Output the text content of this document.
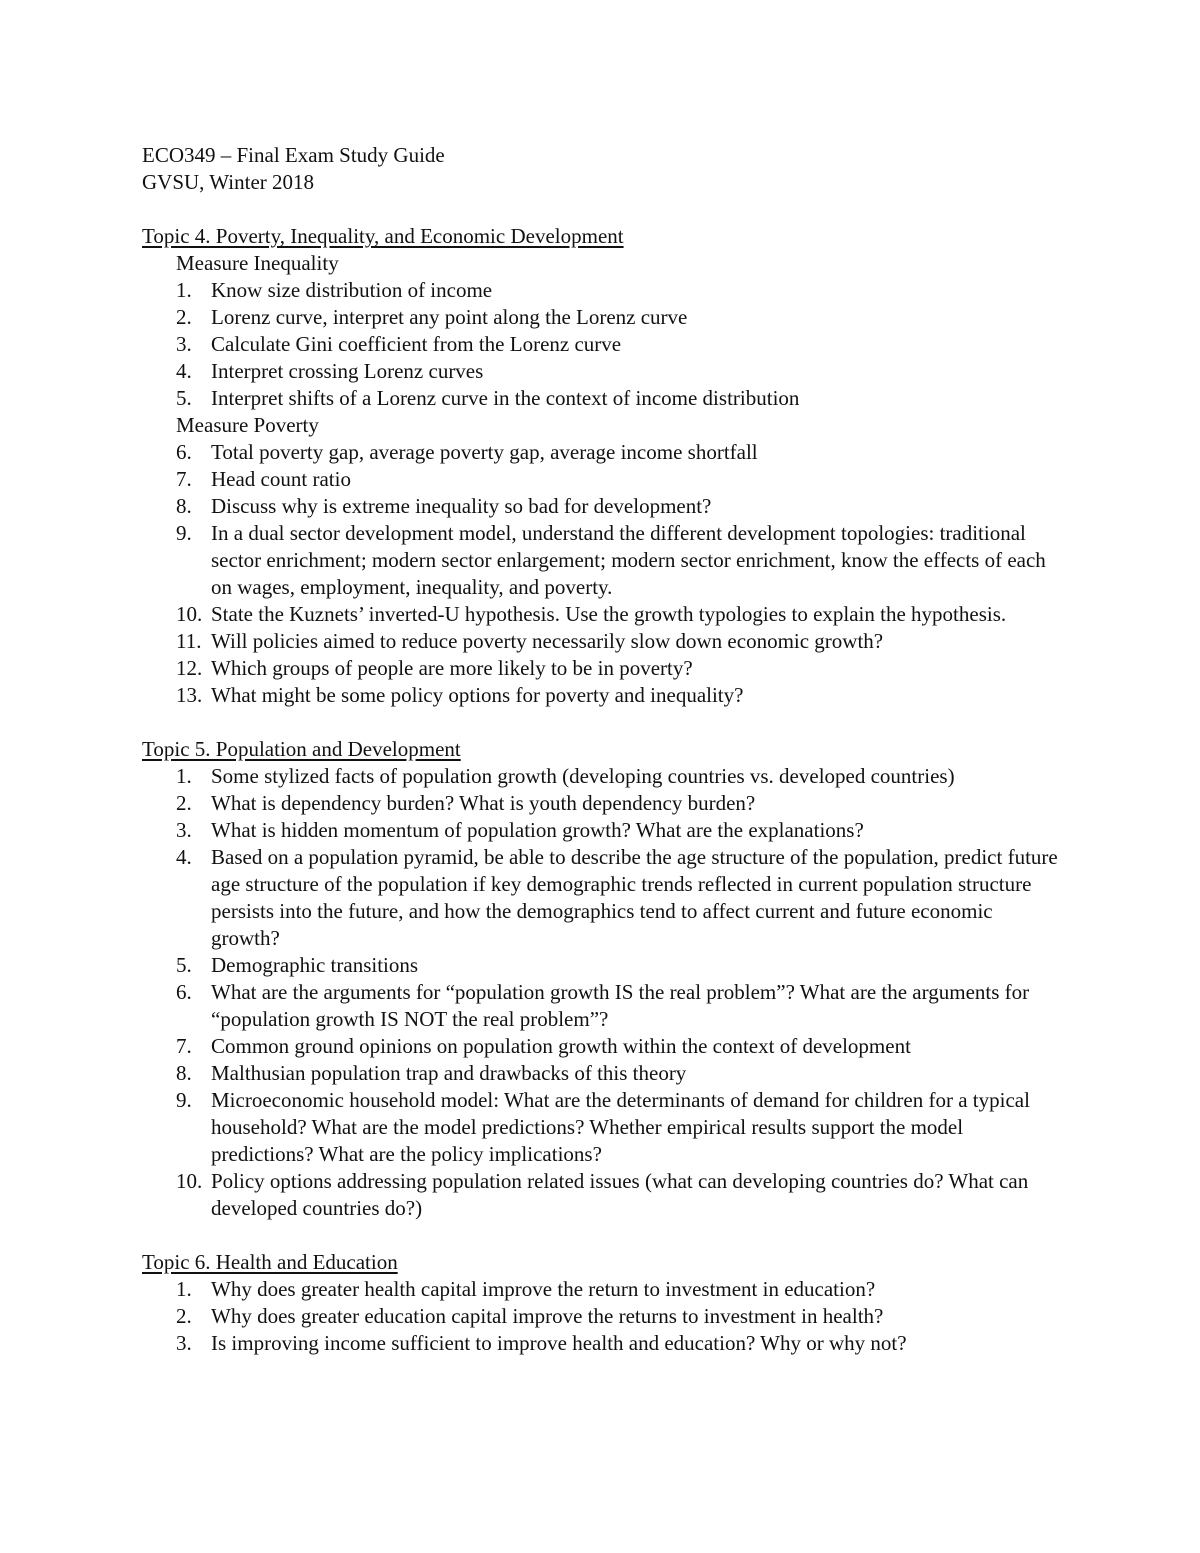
ECO349 – Final Exam Study Guide
GVSU, Winter 2018
Topic 4. Poverty, Inequality, and Economic Development
Measure Inequality
1. Know size distribution of income
2. Lorenz curve, interpret any point along the Lorenz curve
3. Calculate Gini coefficient from the Lorenz curve
4. Interpret crossing Lorenz curves
5. Interpret shifts of a Lorenz curve in the context of income distribution
Measure Poverty
6. Total poverty gap, average poverty gap, average income shortfall
7. Head count ratio
8. Discuss why is extreme inequality so bad for development?
9. In a dual sector development model, understand the different development topologies: traditional sector enrichment; modern sector enlargement; modern sector enrichment, know the effects of each on wages, employment, inequality, and poverty.
10. State the Kuznets’ inverted-U hypothesis. Use the growth typologies to explain the hypothesis.
11. Will policies aimed to reduce poverty necessarily slow down economic growth?
12. Which groups of people are more likely to be in poverty?
13. What might be some policy options for poverty and inequality?
Topic 5. Population and Development
1. Some stylized facts of population growth (developing countries vs. developed countries)
2. What is dependency burden? What is youth dependency burden?
3. What is hidden momentum of population growth? What are the explanations?
4. Based on a population pyramid, be able to describe the age structure of the population, predict future age structure of the population if key demographic trends reflected in current population structure persists into the future, and how the demographics tend to affect current and future economic growth?
5. Demographic transitions
6. What are the arguments for “population growth IS the real problem”? What are the arguments for “population growth IS NOT the real problem”?
7. Common ground opinions on population growth within the context of development
8. Malthusian population trap and drawbacks of this theory
9. Microeconomic household model: What are the determinants of demand for children for a typical household? What are the model predictions? Whether empirical results support the model predictions? What are the policy implications?
10. Policy options addressing population related issues (what can developing countries do? What can developed countries do?)
Topic 6. Health and Education
1. Why does greater health capital improve the return to investment in education?
2. Why does greater education capital improve the returns to investment in health?
3. Is improving income sufficient to improve health and education? Why or why not?
